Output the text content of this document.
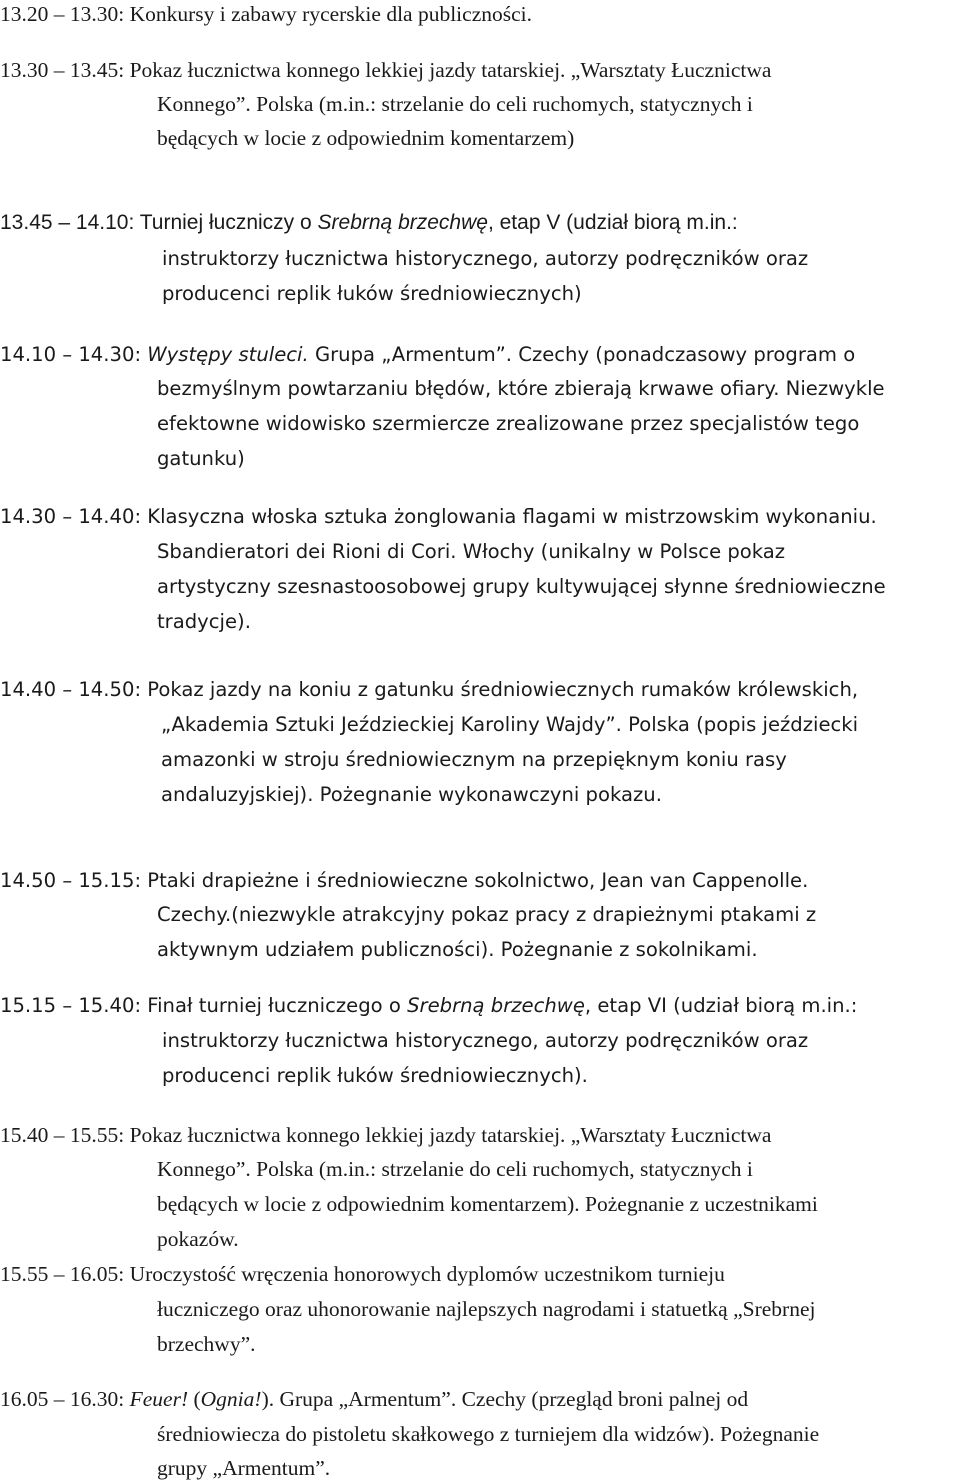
13.20 – 13.30: Konkursy i zabawy rycerskie dla publiczności.
13.30 – 13.45: Pokaz łucznictwa konnego lekkiej jazdy tatarskiej. „Warsztaty Łucznictwa
Konnego”. Polska (m.in.: strzelanie do celi ruchomych, statycznych i
będących w locie z odpowiednim komentarzem)
13.45 – 14.10: Turniej łuczniczy o Srebrną brzechwę, etap V (udział biorą m.in.:
instruktorzy łucznictwa historycznego, autorzy podręczników oraz
producenci replik łuków średniowiecznych)
14.10 – 14.30: Występy stuleci. Grupa „Armentum”. Czechy (ponadczasowy program o
bezmyślnym powtarzaniu błędów, które zbierają krwawe ofiary. Niezwykle
efektowne widowisko szermiercze zrealizowane przez specjalistów tego
gatunku)
14.30 – 14.40: Klasyczna włoska sztuka żonglowania flagami w mistrzowskim wykonaniu.
Sbandieratori dei Rioni di Cori. Włochy (unikalny w Polsce pokaz
artystyczny szesnastoosobowej grupy kultywującej słynne średniowieczne
tradycje).
14.40 – 14.50: Pokaz jazdy na koniu z gatunku średniowiecznych rumaków królewskich,
„Akademia Sztuki Jeździeckiej Karoliny Wajdy”. Polska (popis jeździecki
amazonki w stroju średniowiecznym na przepięknym koniu rasy
andaluzyjskiej). Pożegnanie wykonawczyni pokazu.
14.50 – 15.15: Ptaki drapieżne i średniowieczne sokolnictwo, Jean van Cappenolle.
Czechy.(niezwykle atrakcyjny pokaz pracy z drapieżnymi ptakami z
aktywnym udziałem publiczności). Pożegnanie z sokolnikami.
15.15 – 15.40: Finał turniej łuczniczego o Srebrną brzechwę, etap VI (udział biorą m.in.:
instruktorzy łucznictwa historycznego, autorzy podręczników oraz
producenci replik łuków średniowiecznych).
15.40 – 15.55: Pokaz łucznictwa konnego lekkiej jazdy tatarskiej. „Warsztaty Łucznictwa
Konnego”. Polska (m.in.: strzelanie do celi ruchomych, statycznych i
będących w locie z odpowiednim komentarzem). Pożegnanie z uczestnikami
pokazów.
15.55 – 16.05: Uroczystość wręczenia honorowych dyplomów uczestnikom turnieju
łuczniczego oraz uhonorowanie najlepszych nagrodami i statuetką „Srebrnej
brzechwy”.
16.05 – 16.30: Feuer! (Ognia!). Grupa „Armentum”. Czechy (przegląd broni palnej od
średniowiecza do pistoletu skałkowego z turniejem dla widzów). Pożegnanie
grupy „Armentum”.
